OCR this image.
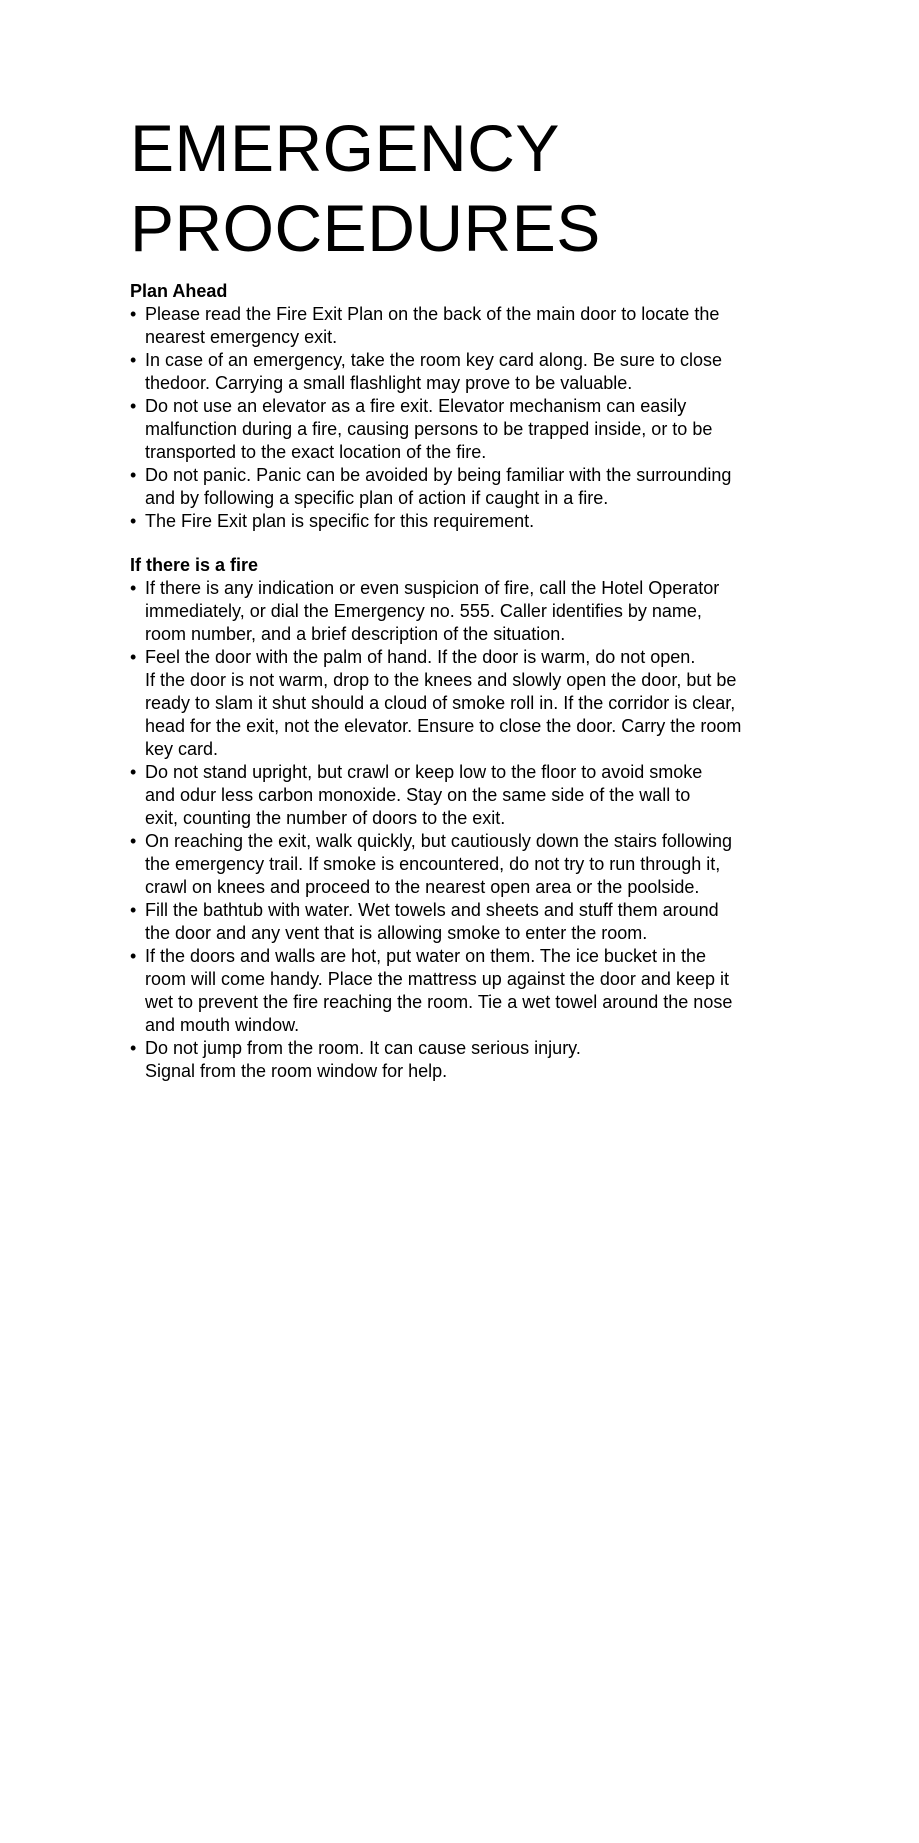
EMERGENCY
PROCEDURES
Plan Ahead
• Please read the Fire Exit Plan on the back of the main door to locate the
nearest emergency exit.
• In case of an emergency, take the room key card along. Be sure to close
thedoor. Carrying a small flashlight may prove to be valuable.
• Do not use an elevator as a fire exit. Elevator mechanism can easily
malfunction during a fire, causing persons to be trapped inside, or to be
transported to the exact location of the fire.
• Do not panic. Panic can be avoided by being familiar with the surrounding
and by following a specific plan of action if caught in a fire.
• The Fire Exit plan is specific for this requirement.
If there is a fire
• If there is any indication or even suspicion of fire, call the Hotel Operator
immediately, or dial the Emergency no. 555. Caller identifies by name,
room number, and a brief description of the situation.
• Feel the door with the palm of hand. If the door is warm, do not open.
If the door is not warm, drop to the knees and slowly open the door, but be
ready to slam it shut should a cloud of smoke roll in. If the corridor is clear,
head for the exit, not the elevator. Ensure to close the door. Carry the room
key card.
• Do not stand upright, but crawl or keep low to the floor to avoid smoke
and odur less carbon monoxide. Stay on the same side of the wall to
exit, counting the number of doors to the exit.
• On reaching the exit, walk quickly, but cautiously down the stairs following
the emergency trail. If smoke is encountered, do not try to run through it,
crawl on knees and proceed to the nearest open area or the poolside.
• Fill the bathtub with water. Wet towels and sheets and stuff them around
the door and any vent that is allowing smoke to enter the room.
• If the doors and walls are hot, put water on them. The ice bucket in the
room will come handy. Place the mattress up against the door and keep it
wet to prevent the fire reaching the room. Tie a wet towel around the nose
and mouth window.
• Do not jump from the room. It can cause serious injury.
Signal from the room window for help.
